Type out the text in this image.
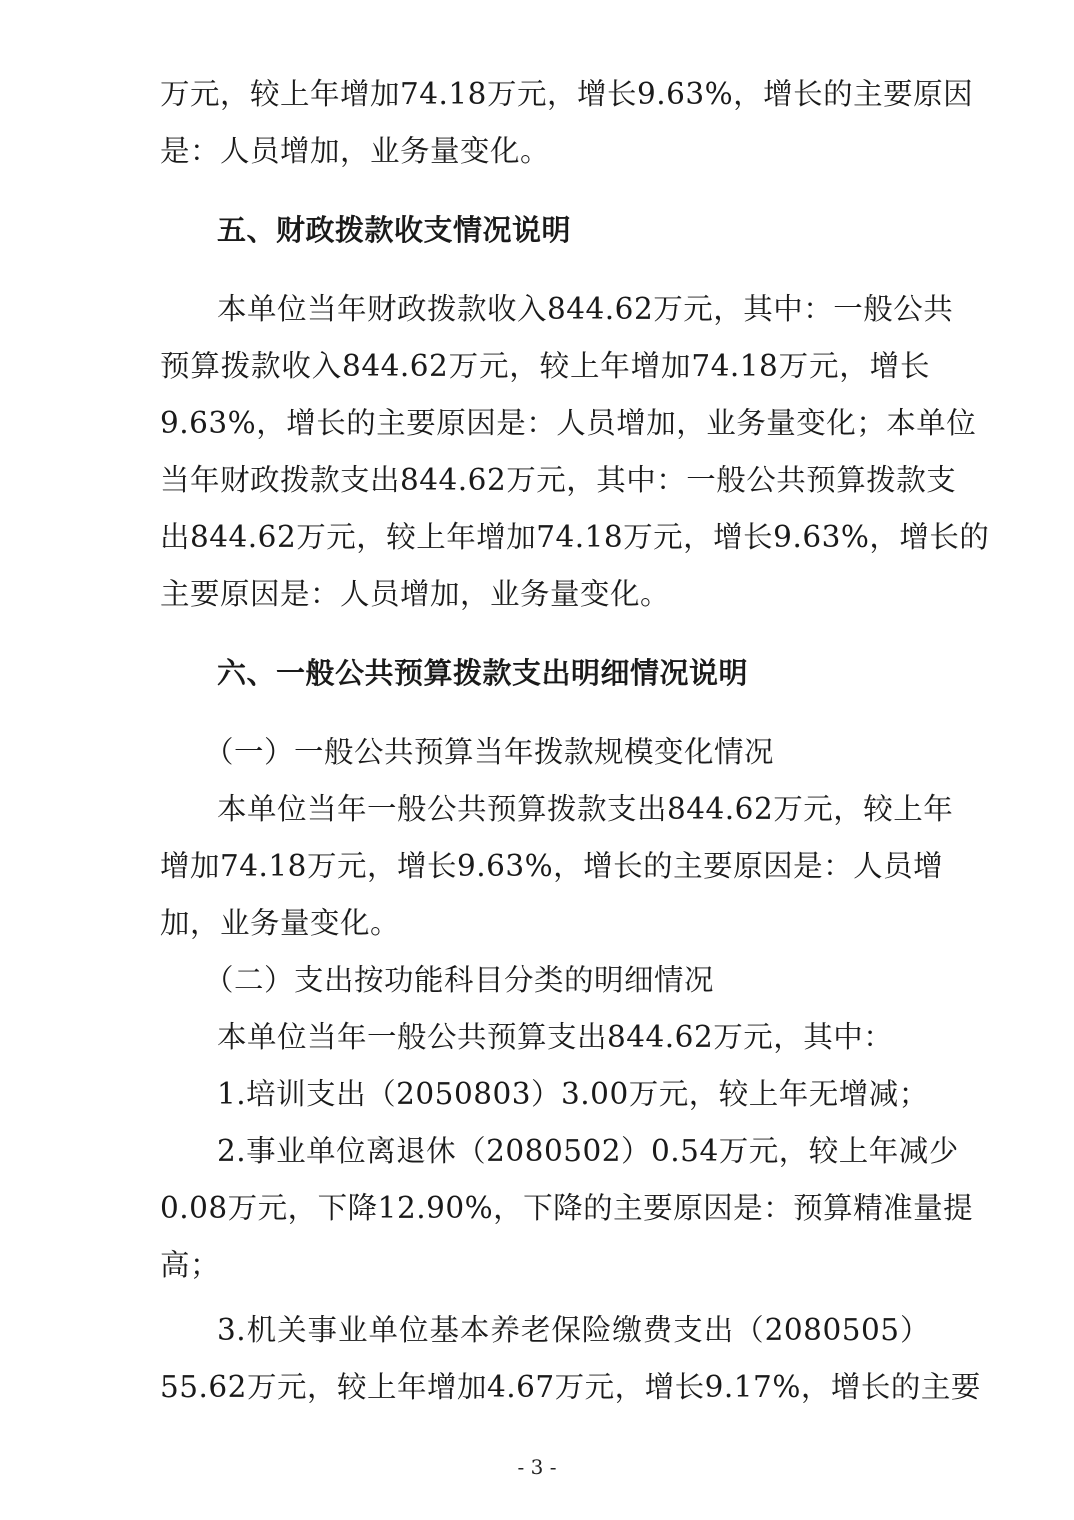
万元，较上年增加74.18万元，增长9.63%，增长的主要原因
是：人员增加，业务量变化。
五、财政拨款收支情况说明
本单位当年财政拨款收入844.62万元，其中：一般公共
预算拨款收入844.62万元，较上年增加74.18万元，增长
9.63%，增长的主要原因是：人员增加，业务量变化；本单位
当年财政拨款支出844.62万元，其中：一般公共预算拨款支
出844.62万元，较上年增加74.18万元，增长9.63%，增长的
主要原因是：人员增加，业务量变化。
六、一般公共预算拨款支出明细情况说明
（一）一般公共预算当年拨款规模变化情况
本单位当年一般公共预算拨款支出844.62万元，较上年
增加74.18万元，增长9.63%，增长的主要原因是：人员增
加，业务量变化。
（二）支出按功能科目分类的明细情况
本单位当年一般公共预算支出844.62万元，其中：
1.培训支出（2050803）3.00万元，较上年无增减；
2.事业单位离退休（2080502）0.54万元，较上年减少
0.08万元，下降12.90%，下降的主要原因是：预算精准量提
高；
3.机关事业单位基本养老保险缴费支出（2080505）
55.62万元，较上年增加4.67万元，增长9.17%，增长的主要
- 3 -
